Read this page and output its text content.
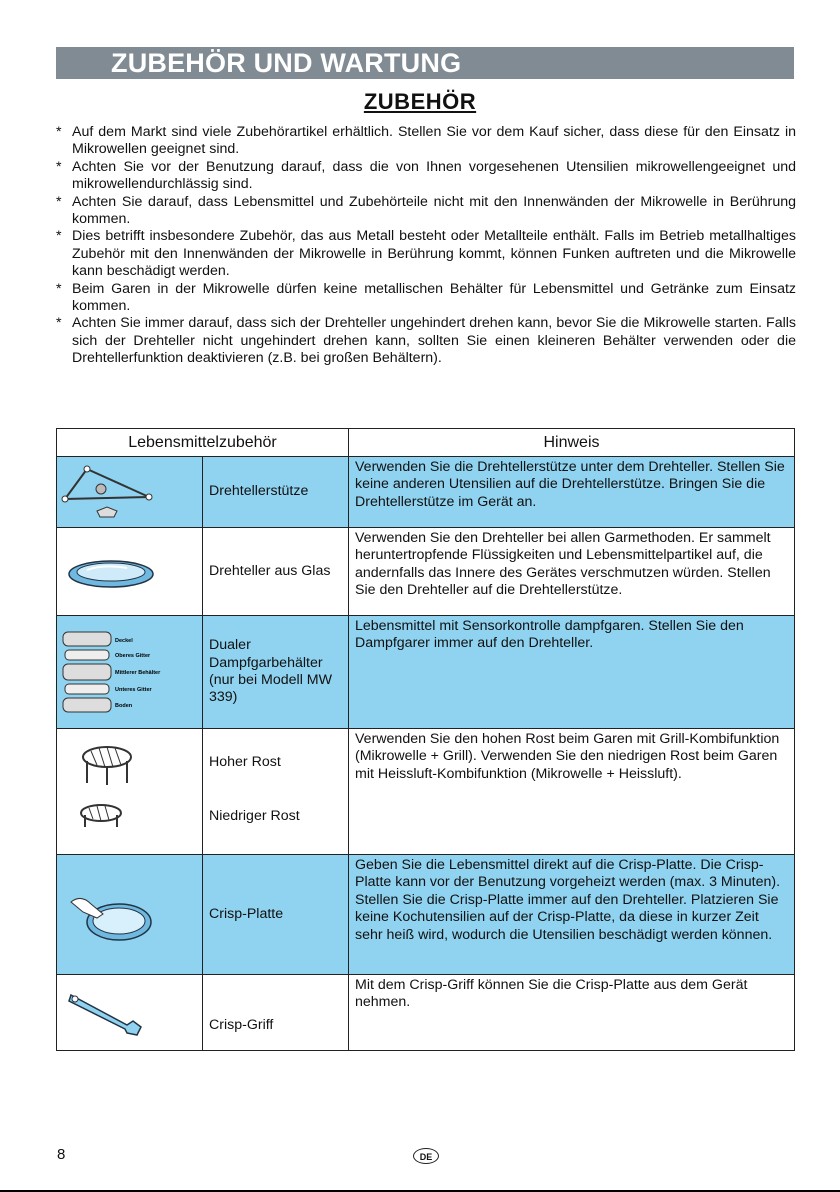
ZUBEHÖR UND WARTUNG
ZUBEHÖR
* Auf dem Markt sind viele Zubehörartikel erhältlich. Stellen Sie vor dem Kauf sicher, dass diese für den Einsatz in Mikrowellen geeignet sind.
* Achten Sie vor der Benutzung darauf, dass die von Ihnen vorgesehenen Utensilien mikrowellengeeignet und mikrowellendurchlässig sind.
* Achten Sie darauf, dass Lebensmittel und Zubehörteile nicht mit den Innenwänden der Mikrowelle in Berührung kommen.
* Dies betrifft insbesondere Zubehör, das aus Metall besteht oder Metallteile enthält. Falls im Betrieb metallhaltiges Zubehör mit den Innenwänden der Mikrowelle in Berührung kommt, können Funken auftreten und die Mikrowelle kann beschädigt werden.
* Beim Garen in der Mikrowelle dürfen keine metallischen Behälter für Lebensmittel und Getränke zum Einsatz kommen.
* Achten Sie immer darauf, dass sich der Drehteller ungehindert drehen kann, bevor Sie die Mikrowelle starten. Falls sich der Drehteller nicht ungehindert drehen kann, sollten Sie einen kleineren Behälter verwenden oder die Drehtellerfunktion deaktivieren (z.B. bei großen Behältern).
Lebensmittelzubehör		Hinweis

Drehtellerstütze	Verwenden Sie die Drehtellerstütze unter dem Drehteller. Stellen Sie keine anderen Utensilien auf die Drehtellerstütze. Bringen Sie die Drehtellerstütze im Gerät an.

Drehteller aus Glas	Verwenden Sie den Drehteller bei allen Garmethoden. Er sammelt heruntertropfende Flüssigkeiten und Lebensmittelpartikel auf, die andernfalls das Innere des Gerätes verschmutzen würden. Stellen Sie den Drehteller auf die Drehtellerstütze.

Deckel
Oberes Gitter
Mittlerer Behälter
Unteres Gitter
Boden	Dualer Dampfgarbehälter (nur bei Modell MW 339)	Lebensmittel mit Sensorkontrolle dampfgaren. Stellen Sie den Dampfgarer immer auf den Drehteller.

Hoher Rost
Niedriger Rost	Verwenden Sie den hohen Rost beim Garen mit Grill-Kombifunktion (Mikrowelle + Grill). Verwenden Sie den niedrigen Rost beim Garen mit Heissluft-Kombifunktion (Mikrowelle + Heissluft).

Crisp-Platte	Geben Sie die Lebensmittel direkt auf die Crisp-Platte. Die Crisp-Platte kann vor der Benutzung vorgeheizt werden (max. 3 Minuten). Stellen Sie die Crisp-Platte immer auf den Drehteller. Platzieren Sie keine Kochutensilien auf der Crisp-Platte, da diese in kurzer Zeit sehr heiß wird, wodurch die Utensilien beschädigt werden können.

Crisp-Griff	Mit dem Crisp-Griff können Sie die Crisp-Platte aus dem Gerät nehmen.
8	DE
